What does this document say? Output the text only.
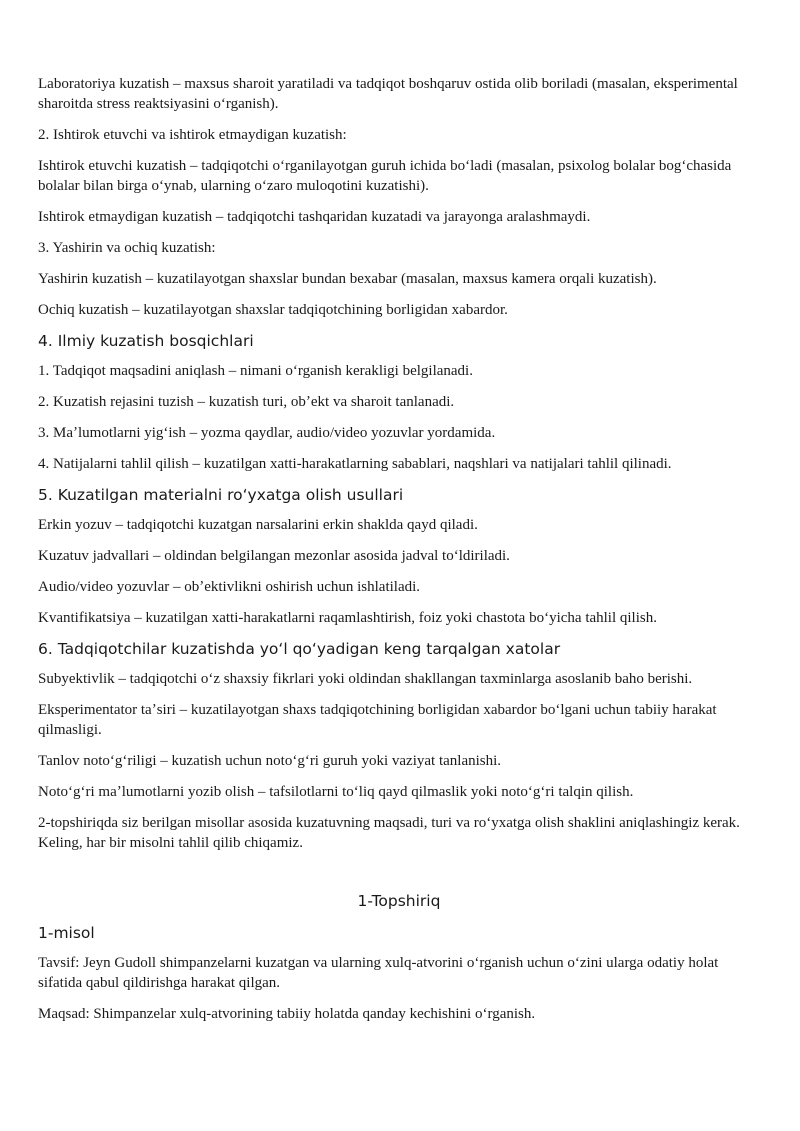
Laboratoriya kuzatish – maxsus sharoit yaratiladi va tadqiqot boshqaruv ostida olib boriladi (masalan, eksperimental sharoitda stress reaktsiyasini oʻrganish).

2. Ishtirok etuvchi va ishtirok etmaydigan kuzatish:

Ishtirok etuvchi kuzatish – tadqiqotchi oʻrganilayotgan guruh ichida boʻladi (masalan, psixolog bolalar bogʻchasida bolalar bilan birga oʻynab, ularning oʻzaro muloqotini kuzatishi).

Ishtirok etmaydigan kuzatish – tadqiqotchi tashqaridan kuzatadi va jarayonga aralashmaydi.

3. Yashirin va ochiq kuzatish:

Yashirin kuzatish – kuzatilayotgan shaxslar bundan bexabar (masalan, maxsus kamera orqali kuzatish).

Ochiq kuzatish – kuzatilayotgan shaxslar tadqiqotchining borligidan xabardor.

4. Ilmiy kuzatish bosqichlari

1. Tadqiqot maqsadini aniqlash – nimani oʻrganish kerakligi belgilanadi.

2. Kuzatish rejasini tuzish – kuzatish turi, obʼekt va sharoit tanlanadi.

3. Maʼlumotlarni yigʻish – yozma qaydlar, audio/video yozuvlar yordamida.

4. Natijalarni tahlil qilish – kuzatilgan xatti-harakatlarning sabablari, naqshlari va natijalari tahlil qilinadi.

5. Kuzatilgan materialni roʻyxatga olish usullari

Erkin yozuv – tadqiqotchi kuzatgan narsalarini erkin shaklda qayd qiladi.

Kuzatuv jadvallari – oldindan belgilangan mezonlar asosida jadval toʻldiriladi.

Audio/video yozuvlar – obʼektivlikni oshirish uchun ishlatiladi.

Kvantifikatsiya – kuzatilgan xatti-harakatlarni raqamlashtirish, foiz yoki chastota boʻyicha tahlil qilish.

6. Tadqiqotchilar kuzatishda yoʻl qoʻyadigan keng tarqalgan xatolar

Subyektivlik – tadqiqotchi oʻz shaxsiy fikrlari yoki oldindan shakllangan taxminlarga asoslanib baho berishi.

Eksperimentator taʼsiri – kuzatilayotgan shaxs tadqiqotchining borligidan xabardor boʻlgani uchun tabiiy harakat qilmasligi.

Tanlov notoʻgʻriligi – kuzatish uchun notoʻgʻri guruh yoki vaziyat tanlanishi.

Notoʻgʻri maʼlumotlarni yozib olish – tafsilotlarni toʻliq qayd qilmaslik yoki notoʻgʻri talqin qilish.

2-topshiriqda siz berilgan misollar asosida kuzatuvning maqsadi, turi va roʻyxatga olish shaklini aniqlashingiz kerak. Keling, har bir misolni tahlil qilib chiqamiz.

1-Topshiriq
1-misol

Tavsif: Jeyn Gudoll shimpanzelarni kuzatgan va ularning xulq-atvorini oʻrganish uchun oʻzini ularga odatiy holat sifatida qabul qildirishga harakat qilgan.

Maqsad: Shimpanzelar xulq-atvorining tabiiy holatda qanday kechishini oʻrganish.
